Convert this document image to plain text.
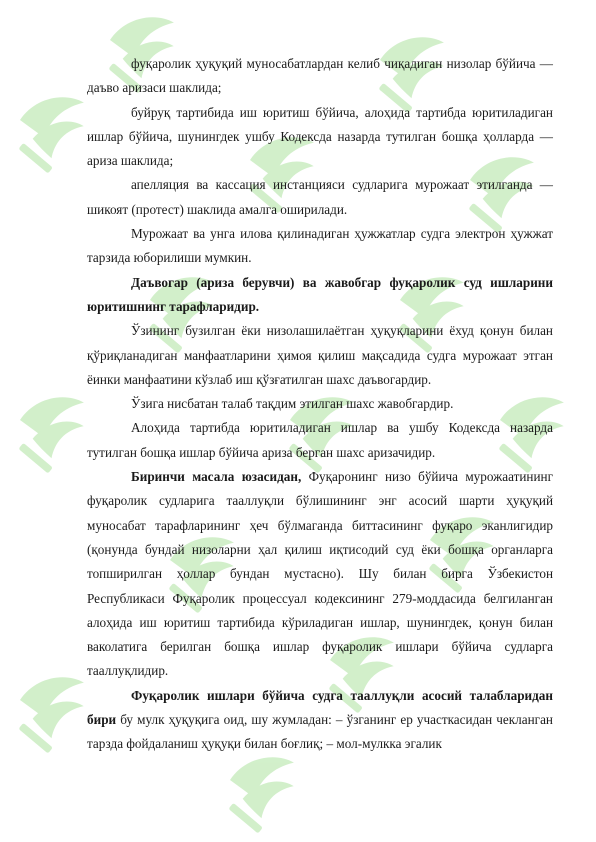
фуқаролик ҳуқуқий муносабатлардан келиб чиқадиган низолар бўйича — даъво аризаси шаклида;

буйруқ тартибида иш юритиш бўйича, алоҳида тартибда юритиладиган ишлар бўйича, шунингдек ушбу Кодексда назарда тутилган бошқа ҳолларда — ариза шаклида;

апелляция ва кассация инстанцияси судларига мурожаат этилганда — шикоят (протест) шаклида амалга оширилади.

Мурожаат ва унга илова қилинадиган ҳужжатлар судга электрон ҳужжат тарзида юборилиши мумкин.

Даъвогар (ариза берувчи) ва жавобгар фуқаролик суд ишларини юритишнинг тарафларидир.

Ўзининг бузилган ёки низолашилаётган ҳуқуқларини ёхуд қонун билан қўриқланадиган манфаатларини ҳимоя қилиш мақсадида судга мурожаат этган ёинки манфаатини кўзлаб иш қўзғатилган шахс даъвогардир.

Ўзига нисбатан талаб тақдим этилган шахс жавобгардир.

Алоҳида тартибда юритиладиган ишлар ва ушбу Кодексда назарда тутилган бошқа ишлар бўйича ариза берган шахс аризачидир.

Биринчи масала юзасидан, Фуқаронинг низо бўйича мурожаатининг фуқаролик судларига тааллуқли бўлишининг энг асосий шарти ҳуқуқий муносабат тарафларининг ҳеч бўлмаганда биттасининг фуқаро эканлигидир (қонунда бундай низоларни ҳал қилиш иқтисодий суд ёки бошқа органларга топширилган ҳоллар бундан мустасно). Шу билан бирга Ўзбекистон Республикаси Фуқаролик процессуал кодексининг 279-моддасида белгиланган алоҳида иш юритиш тартибида кўриладиган ишлар, шунингдек, қонун билан ваколатига берилган бошқа ишлар фуқаролик ишлари бўйича судларга тааллуқлидир.

Фуқаролик ишлари бўйича судга тааллуқли асосий талабларидан бири бу мулк ҳуқуқига оид, шу жумладан: – ўзганинг ер участкасидан чекланган тарзда фойдаланиш ҳуқуқи билан боғлиқ; – мол-мулкка эгалик
